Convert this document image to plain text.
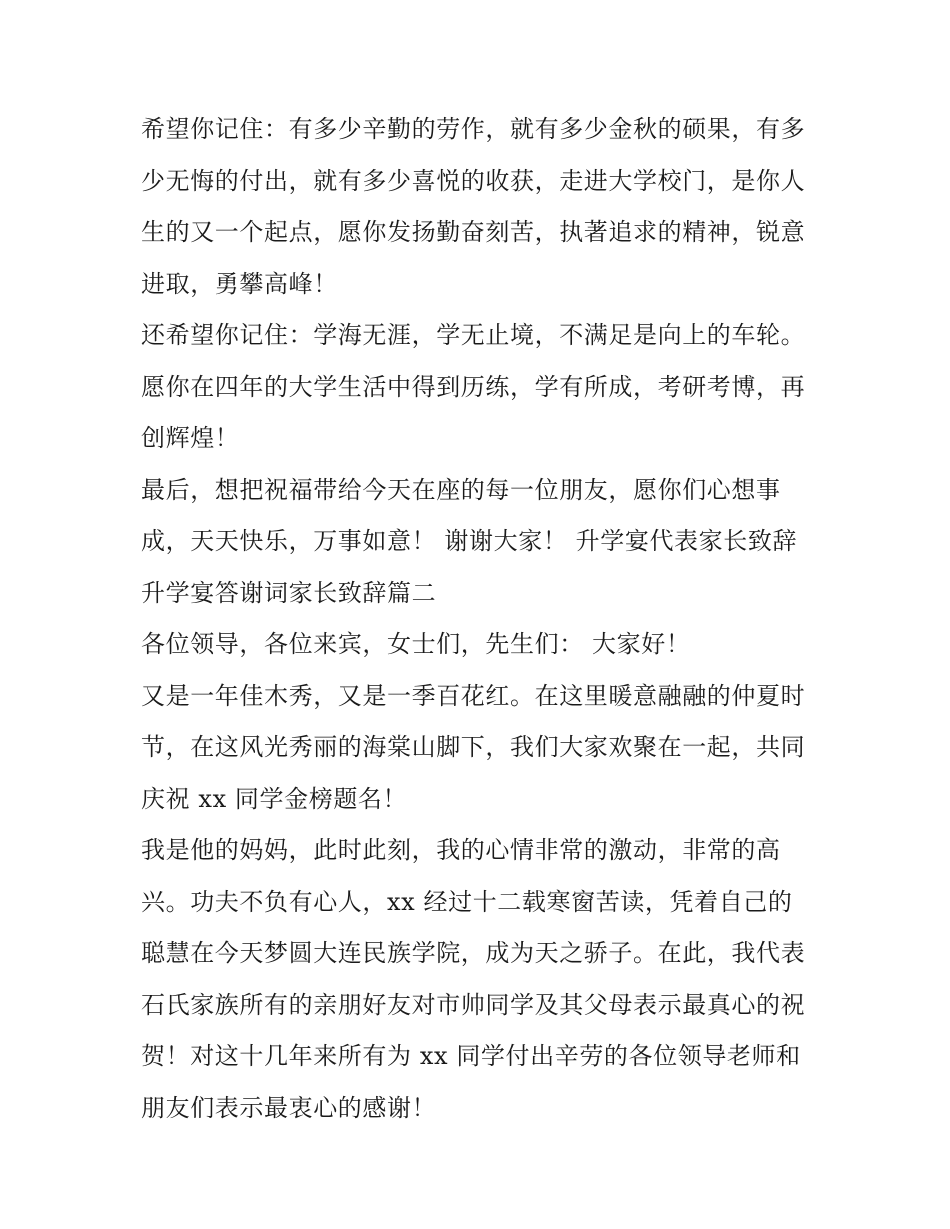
希望你记住：有多少辛勤的劳作，就有多少金秋的硕果，有多
少无悔的付出，就有多少喜悦的收获，走进大学校门，是你人
生的又一个起点，愿你发扬勤奋刻苦，执著追求的精神，锐意
进取，勇攀高峰！
还希望你记住：学海无涯，学无止境，不满足是向上的车轮。
愿你在四年的大学生活中得到历练，学有所成，考研考博，再
创辉煌！
最后，想把祝福带给今天在座的每一位朋友，愿你们心想事
成，天天快乐，万事如意！ 谢谢大家！ 升学宴代表家长致辞
升学宴答谢词家长致辞篇二
各位领导，各位来宾，女士们，先生们： 大家好！
又是一年佳木秀，又是一季百花红。在这里暖意融融的仲夏时
节，在这风光秀丽的海棠山脚下，我们大家欢聚在一起，共同
庆祝 xx 同学金榜题名！
我是他的妈妈，此时此刻，我的心情非常的激动，非常的高
兴。功夫不负有心人，xx 经过十二载寒窗苦读，凭着自己的
聪慧在今天梦圆大连民族学院，成为天之骄子。在此，我代表
石氏家族所有的亲朋好友对市帅同学及其父母表示最真心的祝
贺！对这十几年来所有为 xx 同学付出辛劳的各位领导老师和
朋友们表示最衷心的感谢！
